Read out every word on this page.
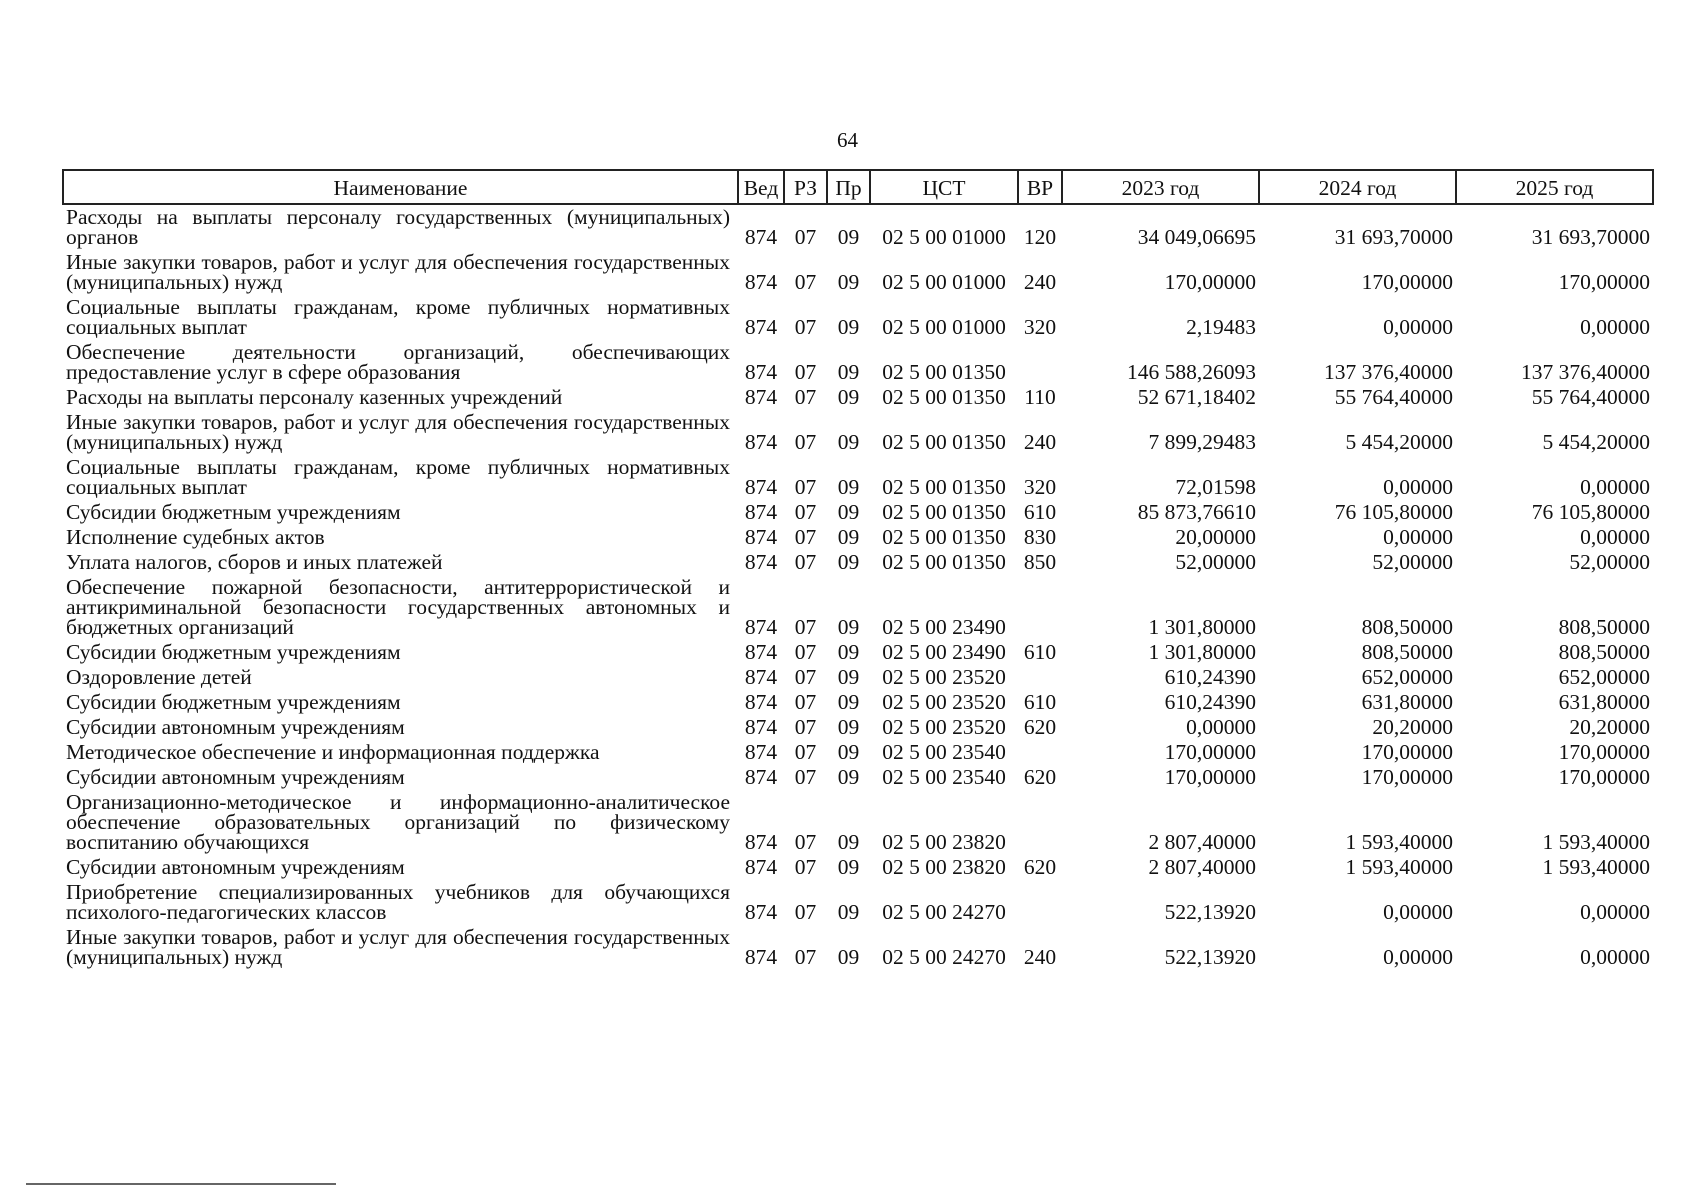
64
Наименование	Вед	РЗ	Пр	ЦСТ	ВР	2023 год	2024 год	2025 год
Расходы на выплаты персоналу государственных (муниципальных) органов	874	07	09	02 5 00 01000	120	34 049,06695	31 693,70000	31 693,70000
Иные закупки товаров, работ и услуг для обеспечения государственных (муниципальных) нужд	874	07	09	02 5 00 01000	240	170,00000	170,00000	170,00000
Социальные выплаты гражданам, кроме публичных нормативных социальных выплат	874	07	09	02 5 00 01000	320	2,19483	0,00000	0,00000
Обеспечение деятельности организаций, обеспечивающих предоставление услуг в сфере образования	874	07	09	02 5 00 01350		146 588,26093	137 376,40000	137 376,40000
Расходы на выплаты персоналу казенных учреждений	874	07	09	02 5 00 01350	110	52 671,18402	55 764,40000	55 764,40000
Иные закупки товаров, работ и услуг для обеспечения государственных (муниципальных) нужд	874	07	09	02 5 00 01350	240	7 899,29483	5 454,20000	5 454,20000
Социальные выплаты гражданам, кроме публичных нормативных социальных выплат	874	07	09	02 5 00 01350	320	72,01598	0,00000	0,00000
Субсидии бюджетным учреждениям	874	07	09	02 5 00 01350	610	85 873,76610	76 105,80000	76 105,80000
Исполнение судебных актов	874	07	09	02 5 00 01350	830	20,00000	0,00000	0,00000
Уплата налогов, сборов и иных платежей	874	07	09	02 5 00 01350	850	52,00000	52,00000	52,00000
Обеспечение пожарной безопасности, антитеррористической и антикриминальной безопасности государственных автономных и бюджетных организаций	874	07	09	02 5 00 23490		1 301,80000	808,50000	808,50000
Субсидии бюджетным учреждениям	874	07	09	02 5 00 23490	610	1 301,80000	808,50000	808,50000
Оздоровление детей	874	07	09	02 5 00 23520		610,24390	652,00000	652,00000
Субсидии бюджетным учреждениям	874	07	09	02 5 00 23520	610	610,24390	631,80000	631,80000
Субсидии автономным учреждениям	874	07	09	02 5 00 23520	620	0,00000	20,20000	20,20000
Методическое обеспечение и информационная поддержка	874	07	09	02 5 00 23540		170,00000	170,00000	170,00000
Субсидии автономным учреждениям	874	07	09	02 5 00 23540	620	170,00000	170,00000	170,00000
Организационно-методическое и информационно-аналитическое обеспечение образовательных организаций по физическому воспитанию обучающихся	874	07	09	02 5 00 23820		2 807,40000	1 593,40000	1 593,40000
Субсидии автономным учреждениям	874	07	09	02 5 00 23820	620	2 807,40000	1 593,40000	1 593,40000
Приобретение специализированных учебников для обучающихся психолого-педагогических классов	874	07	09	02 5 00 24270		522,13920	0,00000	0,00000
Иные закупки товаров, работ и услуг для обеспечения государственных (муниципальных) нужд	874	07	09	02 5 00 24270	240	522,13920	0,00000	0,00000
